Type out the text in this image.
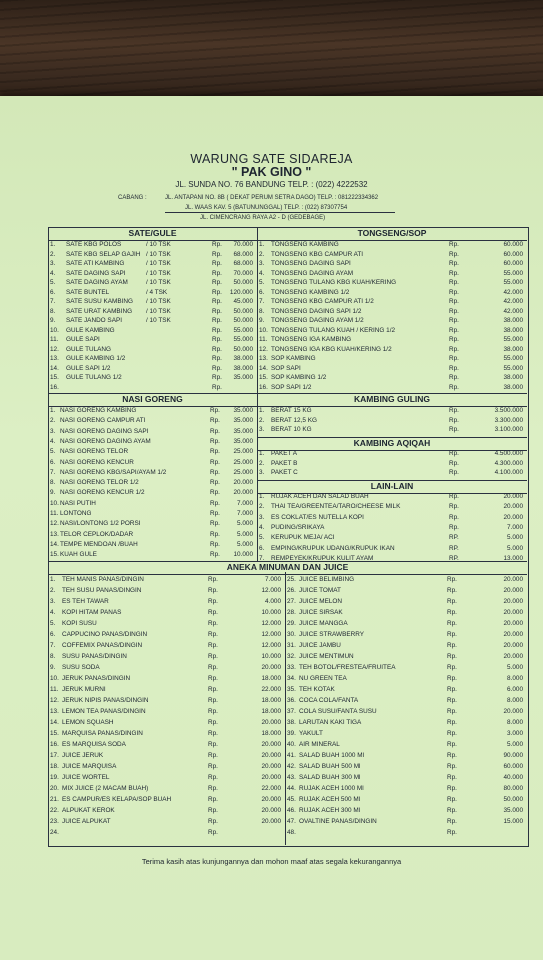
WARUNG SATE SIDAREJA
" PAK GINO "
JL. SUNDA NO. 76 BANDUNG TELP. : (022) 4222532
CABANG :	JL. ANTAPANI NO. 8B ( DEKAT PERUM SETRA DAGO) TELP. : 081222334362
JL. WAAS KAV. 5 (BATUNUNGGAL) TELP. : (022) 87307754
JL. CIMENCRANG RAYA A2 - D (GEDEBAGE)
SATE/GULE	TONGSENG/SOP
1. SATE KBG POLOS	/ 10 TSK	Rp. 70.000
2. SATE KBG SELAP GAJIH / 10 TSK	Rp. 68.000
3. SATE ATI KAMBING	/ 10 TSK	Rp. 68.000
4. SATE DAGING SAPI	/ 10 TSK	Rp. 70.000
5. SATE DAGING AYAM	/ 10 TSK	Rp. 50.000
6. SATE BUNTEL	/ 4 TSK	Rp. 120.000
7. SATE SUSU KAMBING / 10 TSK	Rp. 45.000
8. SATE URAT KAMBING / 10 TSK	Rp. 50.000
9. SATE JANDO SAPI	/ 10 TSK	Rp. 50.000
10. GULE KAMBING	Rp. 55.000
11. GULE SAPI	Rp. 55.000
12. GULE TULANG	Rp. 50.000
13. GULE KAMBING 1/2	Rp. 38.000
14. GULE SAPI 1/2	Rp. 38.000
15. GULE TULANG 1/2	Rp. 35.000
16.	Rp.
1. TONGSENG KAMBING	Rp.	60.000
2. TONGSENG KBG CAMPUR ATI	Rp.	60.000
3. TONGSENG DAGING SAPI	Rp.	60.000
4. TONGSENG DAGING AYAM	Rp.	55.000
5. TONGSENG TULANG KBG KUAH/KERING	Rp.	55.000
6. TONGSENG KAMBING 1/2	Rp.	42.000
7. TONGSENG KBG CAMPUR ATI 1/2	Rp.	42.000
8. TONGSENG DAGING SAPI 1/2	Rp.	42.000
9. TONGSENG DAGING AYAM 1/2	Rp.	38.000
10. TONGSENG TULANG KUAH / KERING 1/2	Rp.	38.000
11. TONGSENG IGA KAMBING	Rp.	55.000
12. TONGSENG IGA KBG KUAH/KERING 1/2	Rp.	38.000
13. SOP KAMBING	Rp.	55.000
14. SOP SAPI	Rp.	55.000
15. SOP KAMBING 1/2	Rp.	38.000
16. SOP SAPI 1/2	Rp.	38.000
NASI GORENG	KAMBING GULING
1. NASI GORENG KAMBING	Rp. 35.000
2. NASI GORENG CAMPUR ATI	Rp. 35.000
3. NASI GORENG DAGING SAPI	Rp. 35.000
4. NASI GORENG DAGING AYAM	Rp. 35.000
5. NASI GORENG TELOR	Rp. 25.000
6. NASI GORENG KENCUR	Rp. 25.000
7. NASI GORENG KBG/SAPI/AYAM 1/2	Rp. 25.000
8. NASI GORENG TELOR 1/2	Rp. 20.000
9. NASI GORENG KENCUR 1/2	Rp. 20.000
10. NASI PUTIH	Rp.	7.000
11. LONTONG	Rp.	7.000
12. NASI/LONTONG 1/2 PORSI	Rp.	5.000
13. TELOR CEPLOK/DADAR	Rp.	5.000
14. TEMPE MENDOAN /BUAH	Rp.	5.000
15. KUAH GULE	Rp. 10.000
1. BERAT 15 KG	Rp.	3.500.000
2. BERAT 12,5 KG	Rp.	3.300.000
3. BERAT 10 KG	Rp.	3.100.000
KAMBING AQIQAH
1. PAKET A	Rp.	4.500.000
2. PAKET B	Rp.	4.300.000
3. PAKET C	Rp.	4.100.000
LAIN-LAIN
1. RUJAK ACEH DAN SALAD BUAH	Rp.	20.000
2. THAI TEA/GREENTEA/TARO/CHEESE MILK	Rp.	20.000
3. ES COKLAT/ES NUTELLA KOPI	Rp.	20.000
4. PUDING/SRIKAYA	Rp.	7.000
5. KERUPUK MEJA/ ACI	RP.	5.000
6. EMPING/KRUPUK UDANG/KRUPUK IKAN	RP.	5.000
7. REMPEYEK/KRUPUK KULIT AYAM	RP.	13.000
ANEKA MINUMAN DAN JUICE
1. TEH MANIS PANAS/DINGIN	Rp.	7.000
2. TEH SUSU PANAS/DINGIN	Rp.	12.000
3. ES TEH TAWAR	Rp.	4.000
4. KOPI HITAM PANAS	Rp.	10.000
5. KOPI SUSU	Rp.	12.000
6. CAPPUCINO PANAS/DINGIN	Rp.	12.000
7. COFFEMIX PANAS/DINGIN	Rp.	12.000
8. SUSU PANAS/DINGIN	Rp.	10.000
9. SUSU SODA	Rp.	20.000
10. JERUK PANAS/DINGIN	Rp.	18.000
11. JERUK MURNI	Rp.	22.000
12. JERUK NIPIS PANAS/DINGIN	Rp.	18.000
13. LEMON TEA PANAS/DINGIN	Rp.	18.000
14. LEMON SQUASH	Rp.	20.000
15. MARQUISA PANAS/DINGIN	Rp.	18.000
16. ES MARQUISA SODA	Rp.	20.000
17. JUICE JERUK	Rp.	20.000
18. JUICE MARQUISA	Rp.	20.000
19. JUICE WORTEL	Rp.	20.000
20. MIX JUICE (2 MACAM BUAH)	Rp.	22.000
21. ES CAMPUR/ES KELAPA/SOP BUAH	Rp.	20.000
22. ALPUKAT KEROK	Rp.	20.000
23. JUICE ALPUKAT	Rp.	20.000
24.	Rp.
25. JUICE BELIMBING	Rp.	20.000
26. JUICE TOMAT	Rp.	20.000
27. JUICE MELON	Rp.	20.000
28. JUICE SIRSAK	Rp.	20.000
29. JUICE MANGGA	Rp.	20.000
30. JUICE STRAWBERRY	Rp.	20.000
31. JUICE JAMBU	Rp.	20.000
32. JUICE MENTIMUN	Rp.	20.000
33. TEH BOTOL/FRESTEA/FRUITEA	Rp.	5.000
34. NU GREEN TEA	Rp.	8.000
35. TEH KOTAK	Rp.	6.000
36. COCA COLA/FANTA	Rp.	8.000
37. COLA SUSU/FANTA SUSU	Rp.	20.000
38. LARUTAN KAKI TIGA	Rp.	8.000
39. YAKULT	Rp.	3.000
40. AIR MINERAL	Rp.	5.000
41. SALAD BUAH 1000 Ml	Rp.	90.000
42. SALAD BUAH 500 Ml	Rp.	60.000
43. SALAD BUAH 300 Ml	Rp.	40.000
44. RUJAK ACEH 1000 Ml	Rp.	80.000
45. RUJAK ACEH 500 Ml	Rp.	50.000
46. RUJAK ACEH 300 Ml	Rp.	35.000
47. OVALTINE PANAS/DINGIN	Rp.	15.000
48.	Rp.
Terima kasih atas kunjungannya dan mohon maaf atas segala kekurangannya
